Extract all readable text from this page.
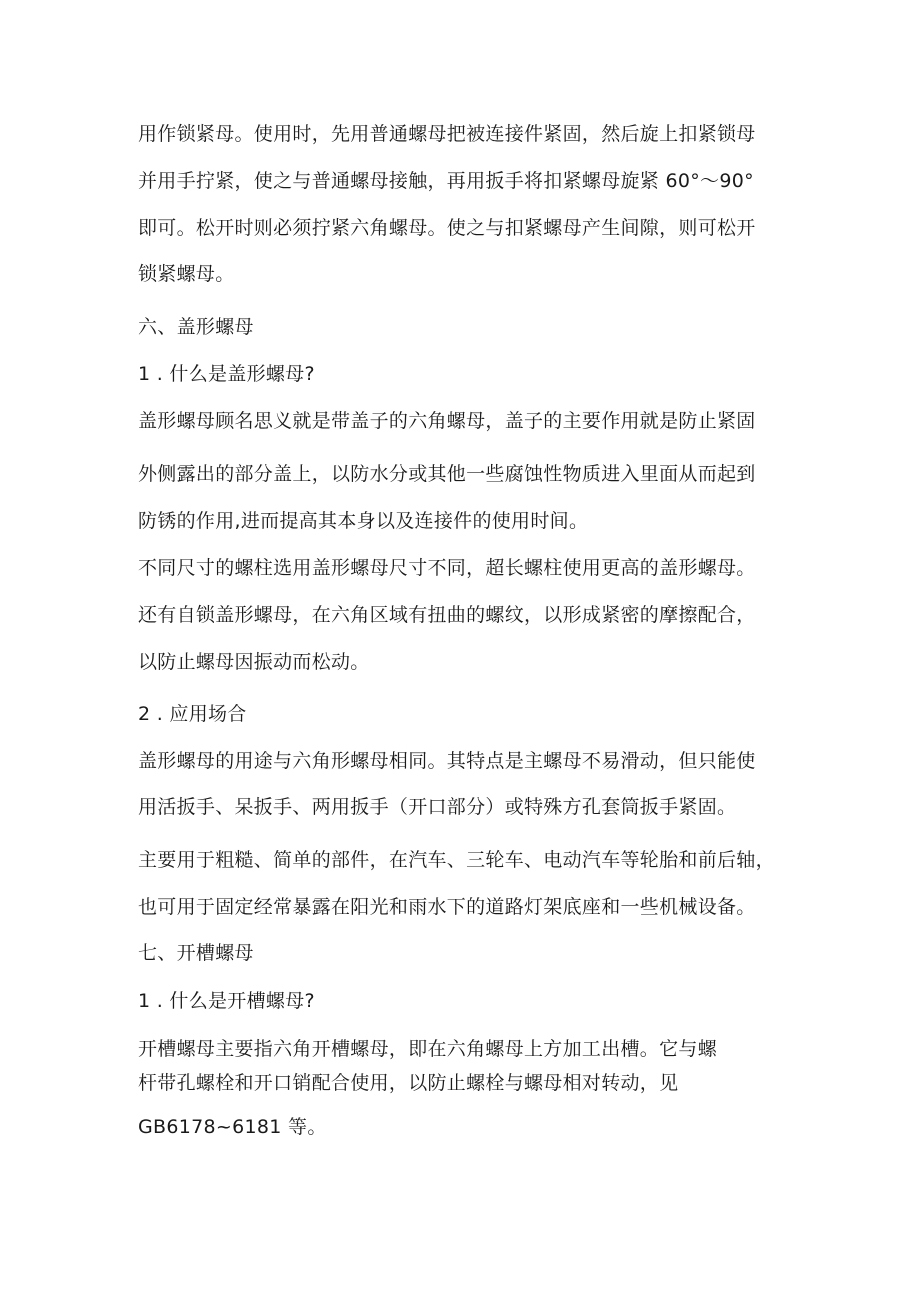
用作锁紧母。使用时，先用普通螺母把被连接件紧固，然后旋上扣紧锁母
并用手拧紧，使之与普通螺母接触，再用扳手将扣紧螺母旋紧 60°～90°
即可。松开时则必须拧紧六角螺母。使之与扣紧螺母产生间隙，则可松开
锁紧螺母。
六、盖形螺母
1 . 什么是盖形螺母?
盖形螺母顾名思义就是带盖子的六角螺母，盖子的主要作用就是防止紧固
外侧露出的部分盖上，以防水分或其他一些腐蚀性物质进入里面从而起到
防锈的作用,进而提高其本身以及连接件的使用时间。
不同尺寸的螺柱选用盖形螺母尺寸不同，超长螺柱使用更高的盖形螺母。
还有自锁盖形螺母，在六角区域有扭曲的螺纹，以形成紧密的摩擦配合，
以防止螺母因振动而松动。
2 . 应用场合
盖形螺母的用途与六角形螺母相同。其特点是主螺母不易滑动，但只能使
用活扳手、呆扳手、两用扳手（开口部分）或特殊方孔套筒扳手紧固。
主要用于粗糙、简单的部件，在汽车、三轮车、电动汽车等轮胎和前后轴，
也可用于固定经常暴露在阳光和雨水下的道路灯架底座和一些机械设备。
七、开槽螺母
1 . 什么是开槽螺母?
开槽螺母主要指六角开槽螺母，即在六角螺母上方加工出槽。它与螺
杆带孔螺栓和开口销配合使用，以防止螺栓与螺母相对转动，见
GB6178~6181 等。
